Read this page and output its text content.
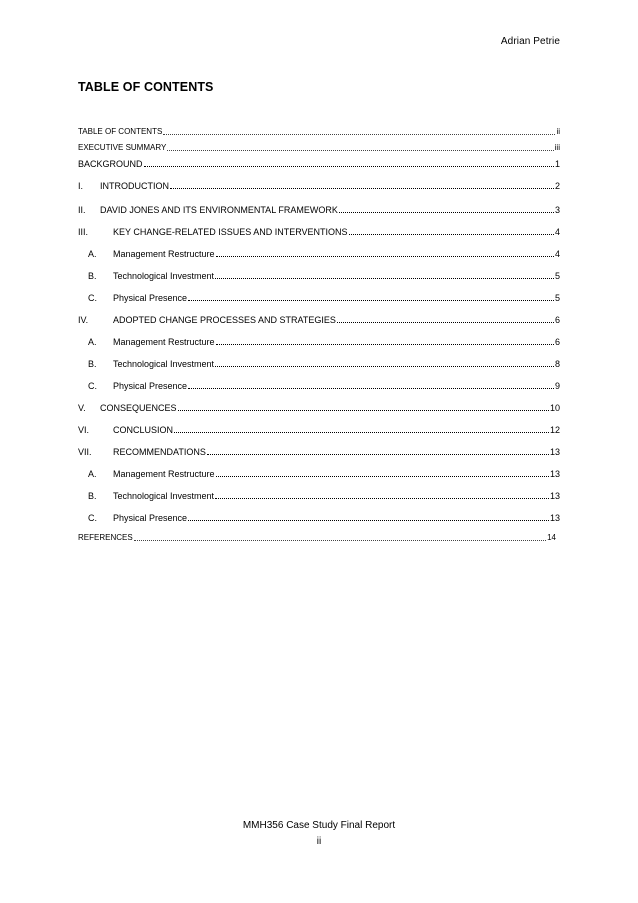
Adrian Petrie
TABLE OF CONTENTS
TABLE OF CONTENTS	ii
EXECUTIVE SUMMARY	iii
BACKGROUND	1
I.	INTRODUCTION	2
II.	DAVID JONES AND ITS ENVIRONMENTAL FRAMEWORK	3
III.	KEY CHANGE-RELATED ISSUES AND INTERVENTIONS	4
A.	Management Restructure	4
B.	Technological Investment	5
C.	Physical Presence	5
IV.	ADOPTED CHANGE PROCESSES AND STRATEGIES	6
A.	Management Restructure	6
B.	Technological Investment	8
C.	Physical Presence	9
V.	CONSEQUENCES	10
VI.	CONCLUSION	12
VII.	RECOMMENDATIONS	13
A.	Management Restructure	13
B.	Technological Investment	13
C.	Physical Presence	13
REFERENCES	14
MMH356 Case Study Final Report
ii
